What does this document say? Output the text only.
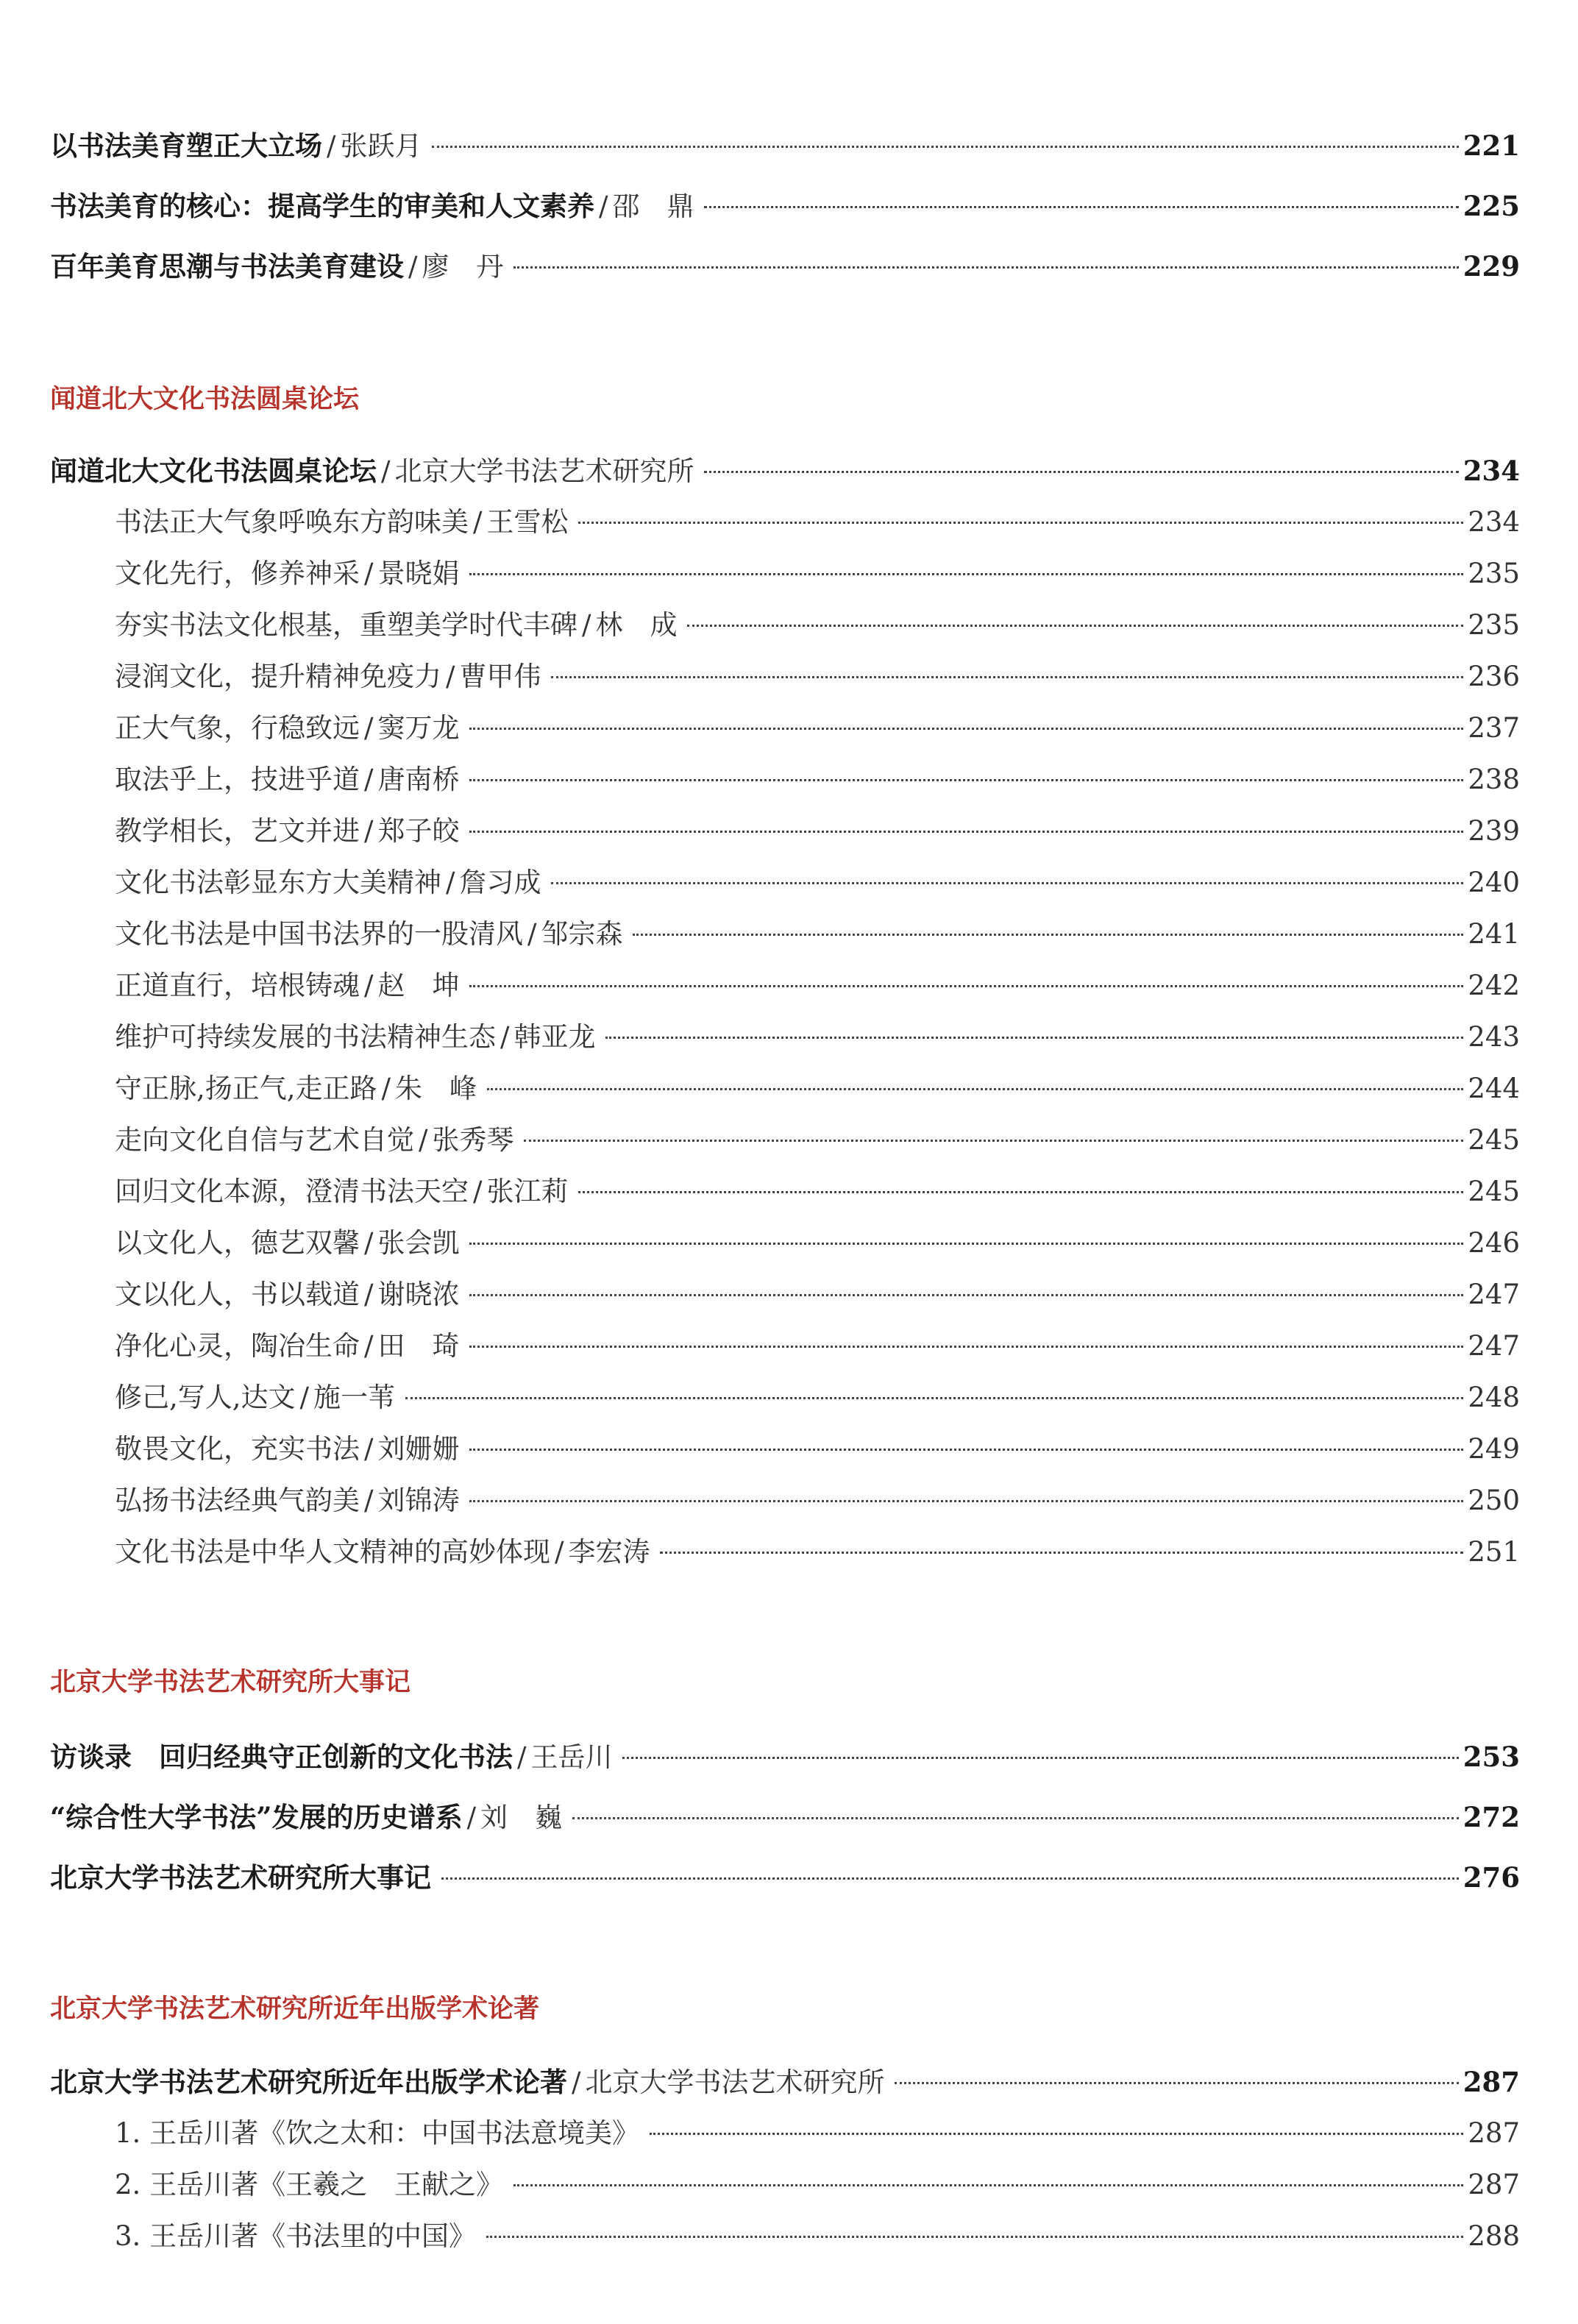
以书法美育塑正大立场 / 张跃月	221
书法美育的核心：提高学生的审美和人文素养 / 邵　鼎	225
百年美育思潮与书法美育建设 / 廖　丹	229
闻道北大文化书法圆桌论坛
闻道北大文化书法圆桌论坛 / 北京大学书法艺术研究所	234
书法正大气象呼唤东方韵味美 / 王雪松	234
文化先行，修养神采 / 景晓娟	235
夯实书法文化根基，重塑美学时代丰碑 / 林　成	235
浸润文化，提升精神免疫力 / 曹甲伟	236
正大气象，行稳致远 / 窦万龙	237
取法乎上，技进乎道 / 唐南桥	238
教学相长，艺文并进 / 郑子皎	239
文化书法彰显东方大美精神 / 詹习成	240
文化书法是中国书法界的一股清风 / 邹宗森	241
正道直行，培根铸魂 / 赵　坤	242
维护可持续发展的书法精神生态 / 韩亚龙	243
守正脉,扬正气,走正路 / 朱　峰	244
走向文化自信与艺术自觉 / 张秀琴	245
回归文化本源，澄清书法天空 / 张江莉	245
以文化人，德艺双馨 / 张会凯	246
文以化人，书以载道 / 谢晓浓	247
净化心灵，陶冶生命 / 田　琦	247
修己,写人,达文 / 施一苇	248
敬畏文化，充实书法 / 刘姗姗	249
弘扬书法经典气韵美 / 刘锦涛	250
文化书法是中华人文精神的高妙体现 / 李宏涛	251
北京大学书法艺术研究所大事记
访谈录　回归经典守正创新的文化书法 / 王岳川	253
“综合性大学书法”发展的历史谱系 / 刘　巍	272
北京大学书法艺术研究所大事记	276
北京大学书法艺术研究所近年出版学术论著
北京大学书法艺术研究所近年出版学术论著 / 北京大学书法艺术研究所	287
1. 王岳川著《饮之太和：中国书法意境美》	287
2. 王岳川著《王羲之　王献之》	287
3. 王岳川著《书法里的中国》	288
